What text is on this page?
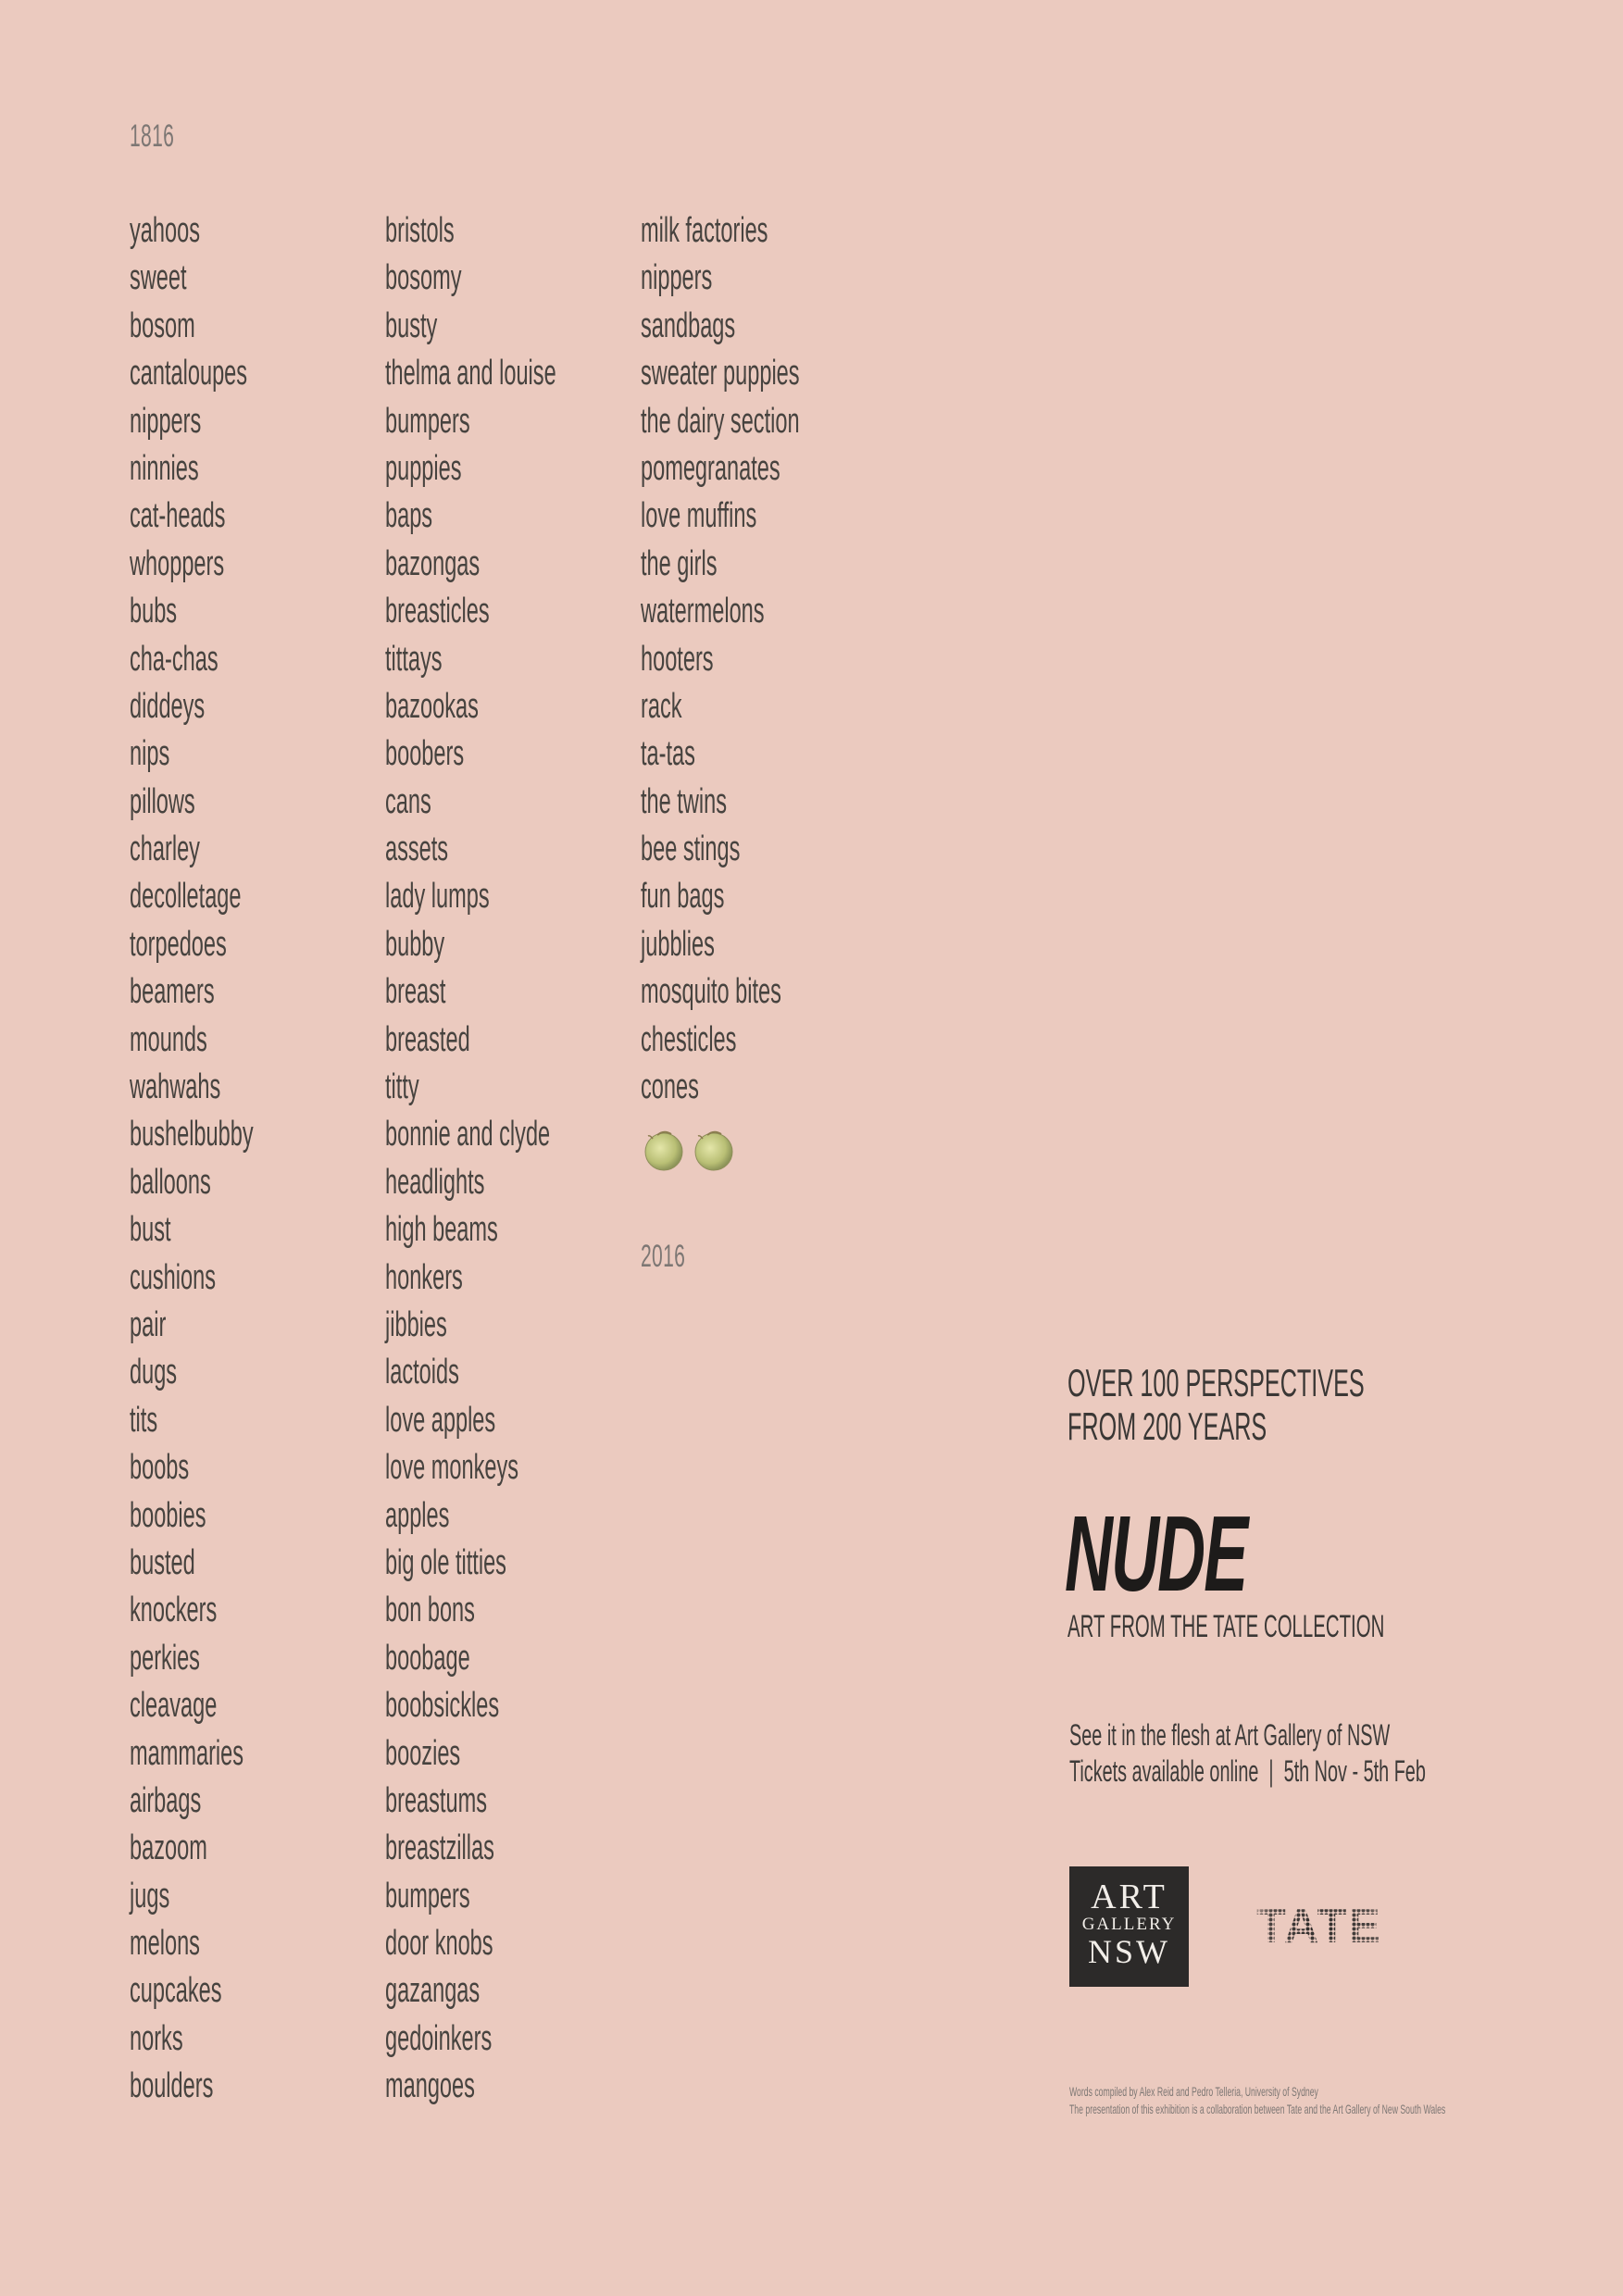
1816
yahoos
sweet
bosom
cantaloupes
nippers
ninnies
cat-heads
whoppers
bubs
cha-chas
diddeys
nips
pillows
charley
decolletage
torpedoes
beamers
mounds
wahwahs
bushelbubby
balloons
bust
cushions
pair
dugs
tits
boobs
boobies
busted
knockers
perkies
cleavage
mammaries
airbags
bazoom
jugs
melons
cupcakes
norks
boulders
bristols
bosomy
busty
thelma and louise
bumpers
puppies
baps
bazongas
breasticles
tittays
bazookas
boobers
cans
assets
lady lumps
bubby
breast
breasted
titty
bonnie and clyde
headlights
high beams
honkers
jibbies
lactoids
love apples
love monkeys
apples
big ole titties
bon bons
boobage
boobsickles
boozies
breastums
breastzillas
bumpers
door knobs
gazangas
gedoinkers
mangoes
milk factories
nippers
sandbags
sweater puppies
the dairy section
pomegranates
love muffins
the girls
watermelons
hooters
rack
ta-tas
the twins
bee stings
fun bags
jubblies
mosquito bites
chesticles
cones
2016
OVER 100 PERSPECTIVES
FROM 200 YEARS
NUDE
ART FROM THE TATE COLLECTION
See it in the flesh at Art Gallery of NSW
Tickets available online  |  5th Nov - 5th Feb
ART
GALLERY
NSW
Words compiled by Alex Reid and Pedro Telleria, University of Sydney
The presentation of this exhibition is a collaboration between Tate and the Art Gallery of New South Wales
